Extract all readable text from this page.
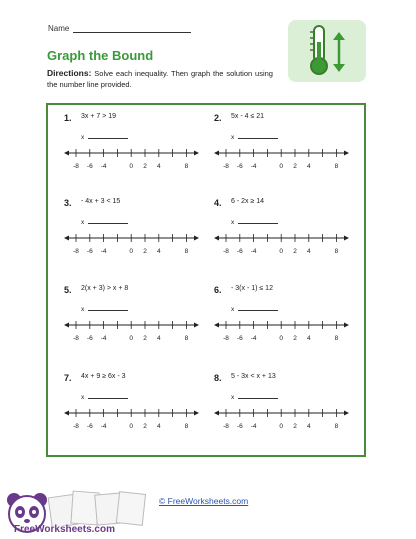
Name
Graph the Bound
Directions: Solve each inequality. Then graph the solution using the number line provided.
1. 3x + 7 > 19
x
-8 -6 -4	0 2 4	8
2. 5x - 4 ≤ 21
x
-8 -6 -4	0 2 4	8
3. - 4x + 3 < 15
x
-8 -6 -4	0 2 4	8
4. 6 - 2x ≥ 14
x
-8 -6 -4	0 2 4	8
5. 2(x + 3) > x + 8
x
-8 -6 -4	0 2 4	8
6. - 3(x - 1) ≤ 12
x
-8 -6 -4	0 2 4	8
7. 4x + 9 ≥ 6x - 3
x
-8 -6 -4	0 2 4	8
8. 5 - 3x < x + 13
x
-8 -6 -4	0 2 4	8
© FreeWorksheets.com
FreeWorksheets.com
